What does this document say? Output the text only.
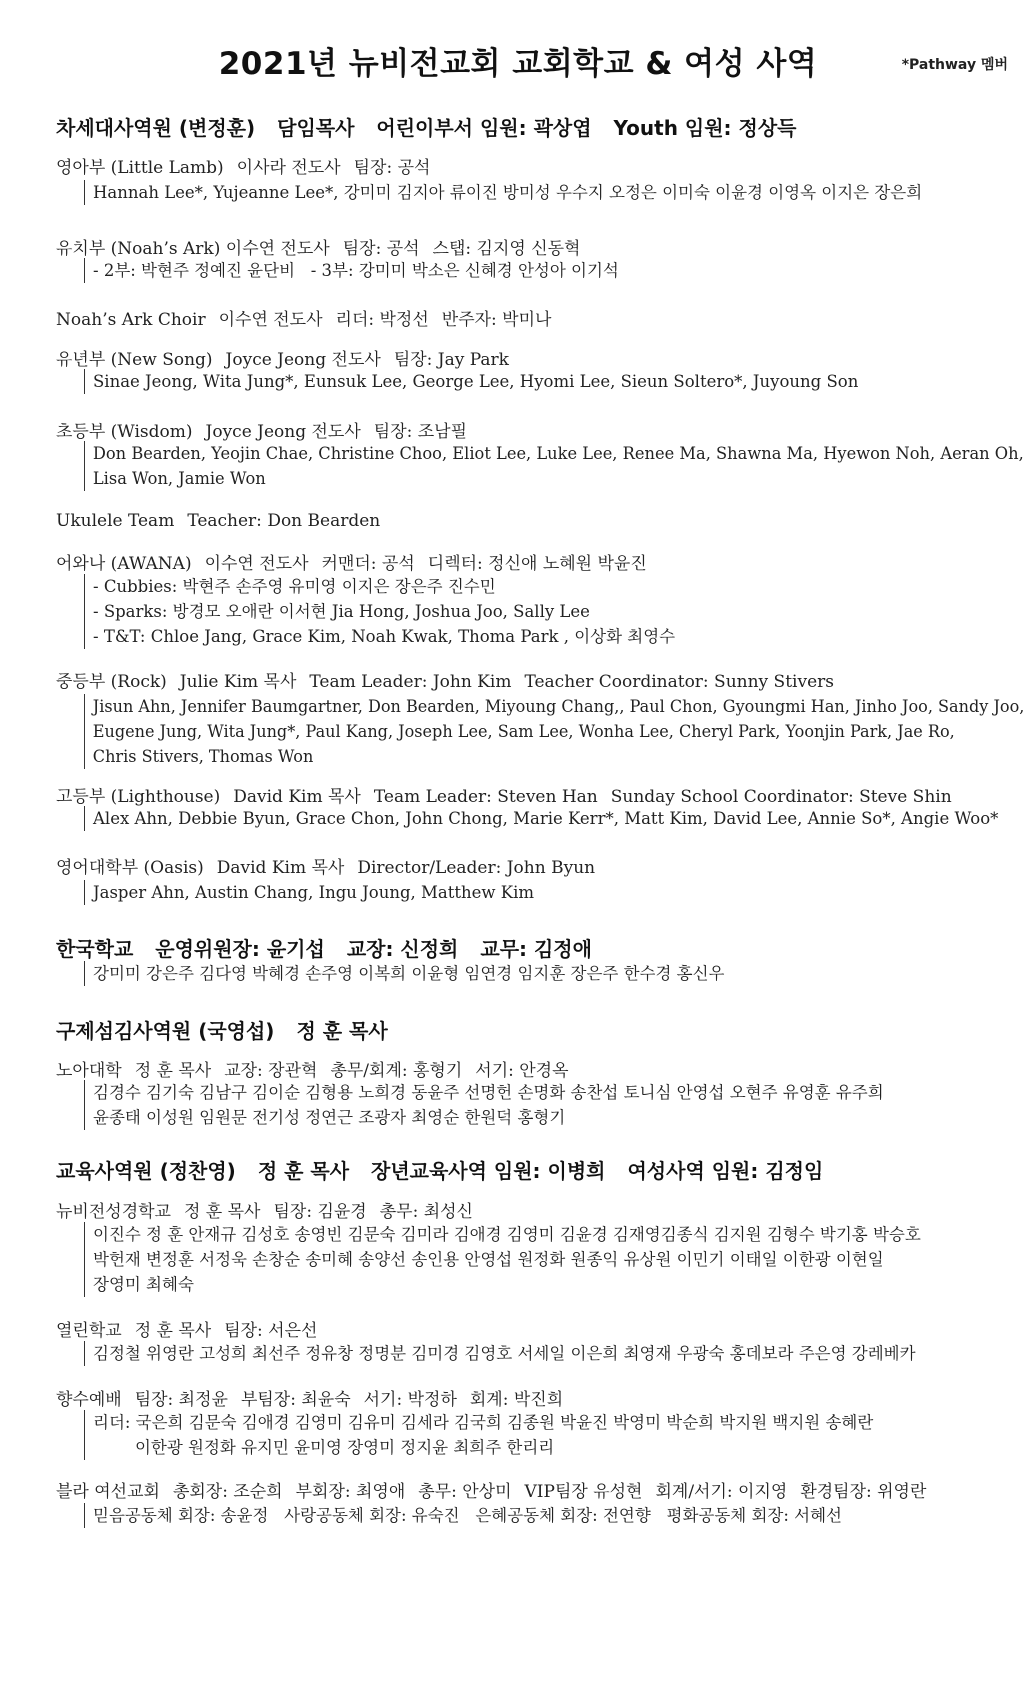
2021년 뉴비전교회 교회학교 & 여성 사역	*Pathway 멤버
차세대사역원 (변정훈) 담임목사 어린이부서 임원: 곽상엽 Youth 임원: 정상득
영아부 (Little Lamb) 이사라 전도사 팀장: 공석
Hannah Lee*, Yujeanne Lee*, 강미미 김지아 류이진 방미성 우수지 오정은 이미숙 이윤경 이영옥 이지은 장은희
유치부 (Noah’s Ark) 이수연 전도사 팀장: 공석 스탭: 김지영 신동혁
- 2부: 박현주 정예진 윤단비   - 3부: 강미미 박소은 신혜경 안성아 이기석
Noah’s Ark Choir 이수연 전도사 리더: 박정선 반주자: 박미나
유년부 (New Song) Joyce Jeong 전도사 팀장: Jay Park
Sinae Jeong, Wita Jung*, Eunsuk Lee, George Lee, Hyomi Lee, Sieun Soltero*, Juyoung Son
초등부 (Wisdom) Joyce Jeong 전도사 팀장: 조남필
Don Bearden, Yeojin Chae, Christine Choo, Eliot Lee, Luke Lee, Renee Ma, Shawna Ma, Hyewon Noh, Aeran Oh,
Lisa Won, Jamie Won
Ukulele Team Teacher: Don Bearden
어와나 (AWANA) 이수연 전도사 커맨더: 공석 디렉터: 정신애 노혜원 박윤진
- Cubbies: 박현주 손주영 유미영 이지은 장은주 진수민
- Sparks: 방경모 오애란 이서현 Jia Hong, Joshua Joo, Sally Lee
- T&T: Chloe Jang, Grace Kim, Noah Kwak, Thoma Park , 이상화 최영수
중등부 (Rock) Julie Kim 목사 Team Leader: John Kim Teacher Coordinator: Sunny Stivers
Jisun Ahn, Jennifer Baumgartner, Don Bearden, Miyoung Chang,, Paul Chon, Gyoungmi Han, Jinho Joo, Sandy Joo,
Eugene Jung, Wita Jung*, Paul Kang, Joseph Lee, Sam Lee, Wonha Lee, Cheryl Park, Yoonjin Park, Jae Ro,
Chris Stivers, Thomas Won
고등부 (Lighthouse) David Kim 목사 Team Leader: Steven Han Sunday School Coordinator: Steve Shin
Alex Ahn, Debbie Byun, Grace Chon, John Chong, Marie Kerr*, Matt Kim, David Lee, Annie So*, Angie Woo*
영어대학부 (Oasis) David Kim 목사 Director/Leader: John Byun
Jasper Ahn, Austin Chang, Ingu Joung, Matthew Kim
한국학교 운영위원장: 윤기섭 교장: 신정희 교무: 김정애
강미미 강은주 김다영 박혜경 손주영 이복희 이윤형 임연경 임지훈 장은주 한수경 홍신우
구제섬김사역원 (국영섭) 정 훈 목사
노아대학 정 훈 목사 교장: 장관혁 총무/회계: 홍형기 서기: 안경옥
김경수 김기숙 김남구 김이순 김형용 노희경 동윤주 선명헌 손명화 송찬섭 토니심 안영섭 오현주 유영훈 유주희
윤종태 이성원 임원문 전기성 정연근 조광자 최영순 한원덕 홍형기
교육사역원 (정찬영) 정 훈 목사 장년교육사역 임원: 이병희 여성사역 임원: 김정임
뉴비전성경학교 정 훈 목사 팀장: 김윤경 총무: 최성신
이진수 정 훈 안재규 김성호 송영빈 김문숙 김미라 김애경 김영미 김윤경 김재영김종식 김지원 김형수 박기홍 박승호
박헌재 변정훈 서정욱 손창순 송미혜 송양선 송인용 안영섭 원정화 원종익 유상원 이민기 이태일 이한광 이현일
장영미 최혜숙
열린학교 정 훈 목사 팀장: 서은선
김정철 위영란 고성희 최선주 정유창 정명분 김미경 김영호 서세일 이은희 최영재 우광숙 홍데보라 주은영 강레베카
향수예배 팀장: 최정윤 부팀장: 최윤숙 서기: 박정하 회계: 박진희
리더: 국은희 김문숙 김애경 김영미 김유미 김세라 김국희 김종원 박윤진 박영미 박순희 박지원 백지원 송혜란
이한광 원정화 유지민 윤미영 장영미 정지윤 최희주 한리리
블라 여선교회 총회장: 조순희 부회장: 최영애 총무: 안상미 VIP팀장 유성현 회계/서기: 이지영 환경팀장: 위영란
믿음공동체 회장: 송윤정   사랑공동체 회장: 유숙진   은혜공동체 회장: 전연향   평화공동체 회장: 서혜선
